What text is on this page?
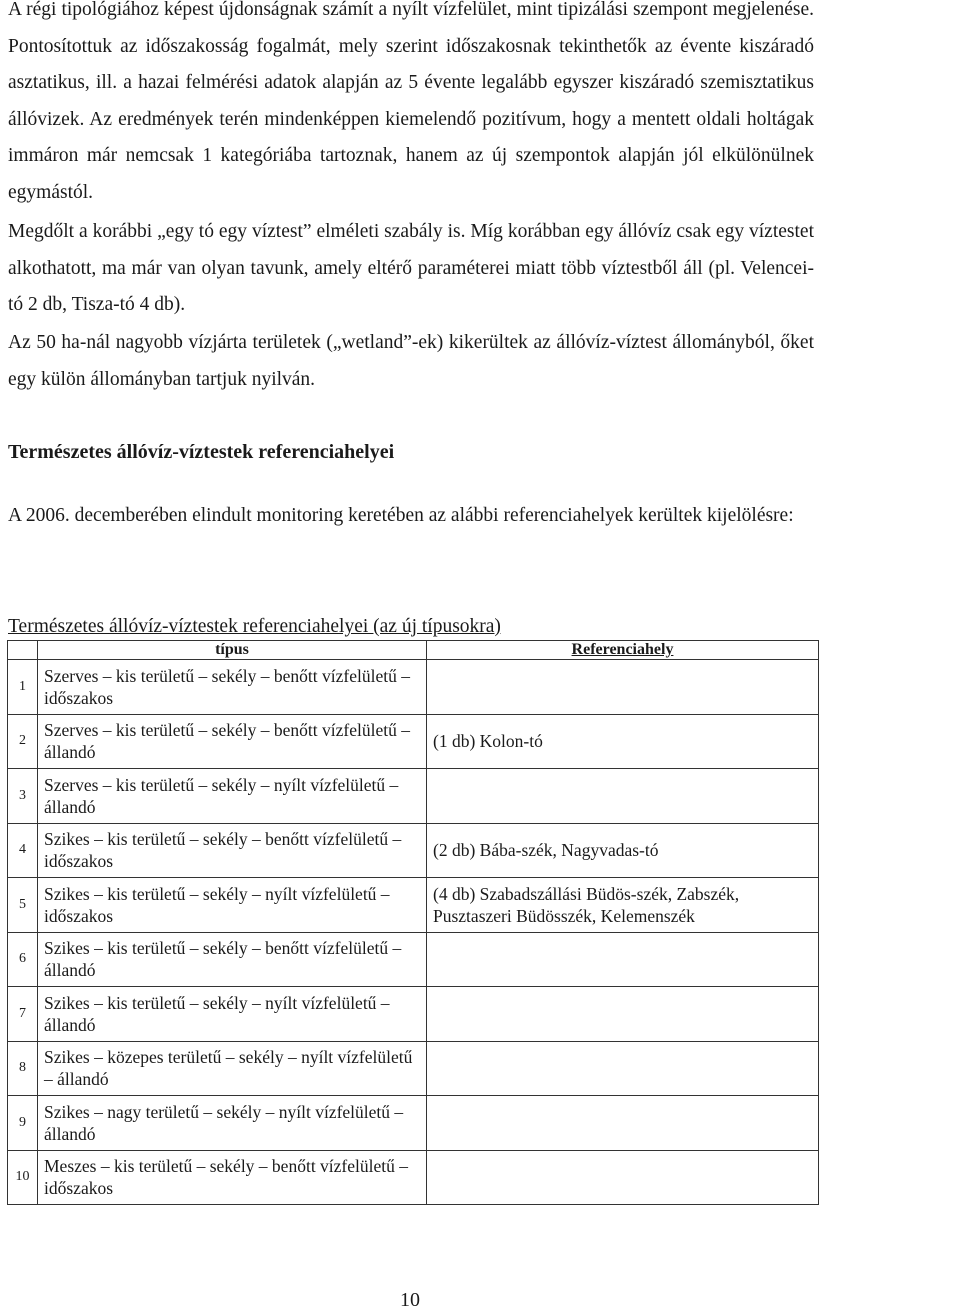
A régi tipológiához képest újdonságnak számít a nyílt vízfelület, mint tipizálási szempont megjelenése. Pontosítottuk az időszakosság fogalmát, mely szerint időszakosnak tekinthetők az évente kiszáradó asztatikus, ill. a hazai felmérési adatok alapján az 5 évente legalább egyszer kiszáradó szemisztatikus állóvizek. Az eredmények terén mindenképpen kiemelendő pozitívum, hogy a mentett oldali holtágak immáron már nemcsak 1 kategóriába tartoznak, hanem az új szempontok alapján jól elkülönülnek egymástól.

Megdőlt a korábbi „egy tó egy víztest” elméleti szabály is. Míg korábban egy állóvíz csak egy víztestet alkothatott, ma már van olyan tavunk, amely eltérő paraméterei miatt több víztestből áll (pl. Velencei-tó 2 db, Tisza-tó 4 db).

Az 50 ha-nál nagyobb vízjárta területek („wetland”-ek) kikerültek az állóvíz-víztest állományból, őket egy külön állományban tartjuk nyilván.

Természetes állóvíz-víztestek referenciahelyei

A 2006. decemberében elindult monitoring keretében az alábbi referenciahelyek kerültek kijelölésre:

Természetes állóvíz-víztestek referenciahelyei (az új típusokra)

	típus	Referenciahely
1	Szerves – kis területű – sekély – benőtt vízfelületű – időszakos	
2	Szerves – kis területű – sekély – benőtt vízfelületű – állandó	(1 db) Kolon-tó
3	Szerves – kis területű – sekély – nyílt vízfelületű – állandó	
4	Szikes – kis területű – sekély – benőtt vízfelületű – időszakos	(2 db) Bába-szék, Nagyvadas-tó
5	Szikes – kis területű – sekély – nyílt vízfelületű – időszakos	(4 db) Szabadszállási Büdös-szék, Zabszék, Pusztaszeri Büdösszék, Kelemenszék
6	Szikes – kis területű – sekély – benőtt vízfelületű – állandó	
7	Szikes – kis területű – sekély – nyílt vízfelületű – állandó	
8	Szikes – közepes területű – sekély – nyílt vízfelületű – állandó	
9	Szikes – nagy területű – sekély – nyílt vízfelületű – állandó	
10	Meszes – kis területű – sekély – benőtt vízfelületű – időszakos	

10
